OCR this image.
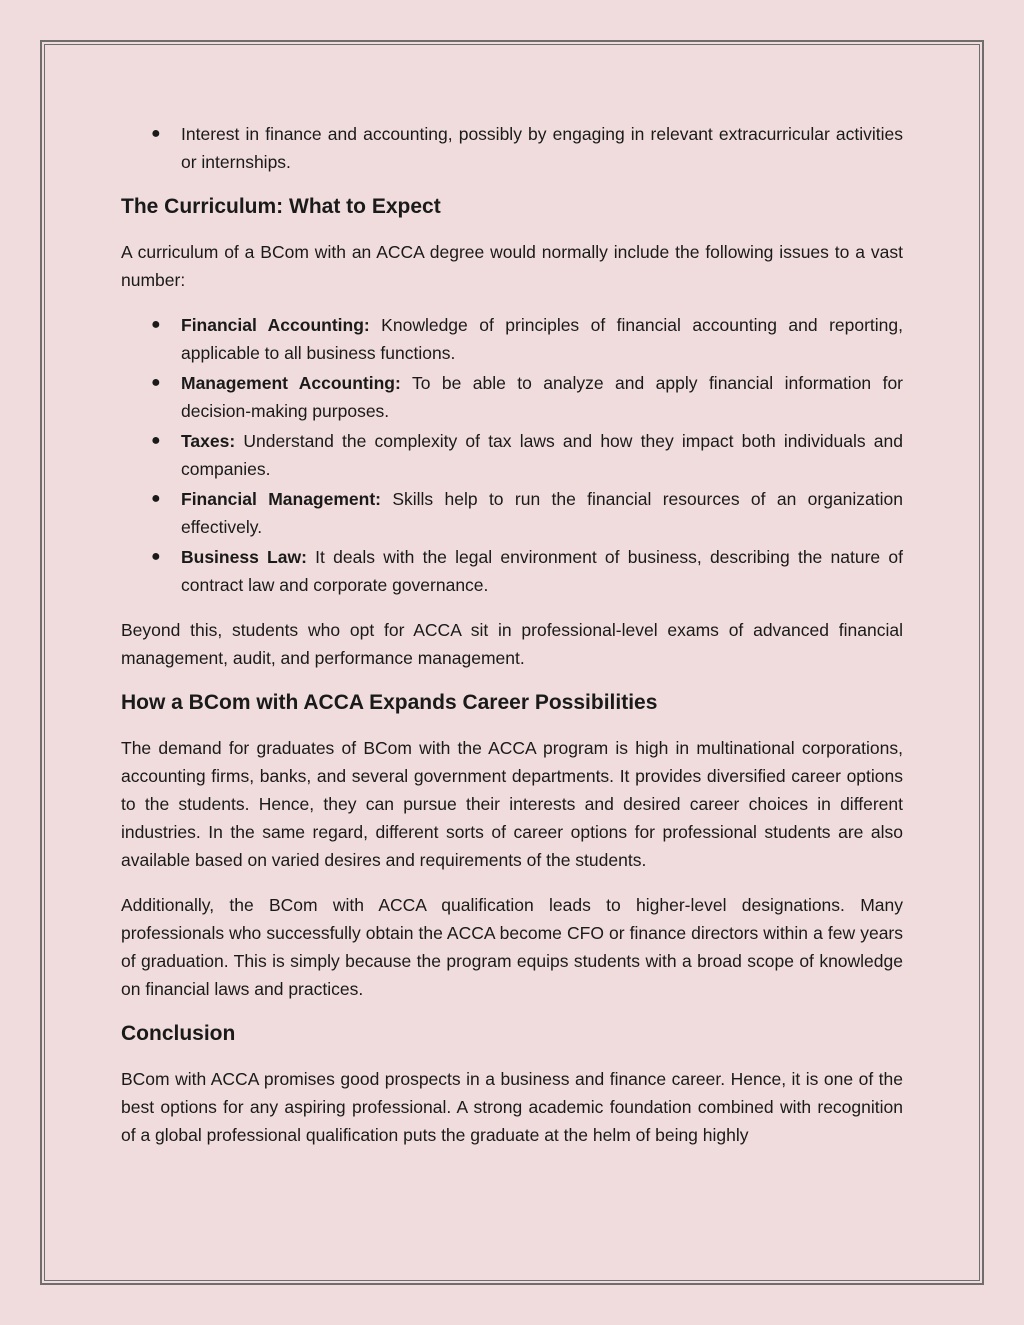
● Interest in finance and accounting, possibly by engaging in relevant extracurricular activities or internships.
The Curriculum: What to Expect

A curriculum of a BCom with an ACCA degree would normally include the following issues to a vast number:

● Financial Accounting: Knowledge of principles of financial accounting and reporting, applicable to all business functions.
● Management Accounting: To be able to analyze and apply financial information for decision-making purposes.
● Taxes: Understand the complexity of tax laws and how they impact both individuals and companies.
● Financial Management: Skills help to run the financial resources of an organization effectively.
● Business Law: It deals with the legal environment of business, describing the nature of contract law and corporate governance.

Beyond this, students who opt for ACCA sit in professional-level exams of advanced financial management, audit, and performance management.

How a BCom with ACCA Expands Career Possibilities

The demand for graduates of BCom with the ACCA program is high in multinational corporations, accounting firms, banks, and several government departments. It provides diversified career options to the students. Hence, they can pursue their interests and desired career choices in different industries. In the same regard, different sorts of career options for professional students are also available based on varied desires and requirements of the students.

Additionally, the BCom with ACCA qualification leads to higher-level designations. Many professionals who successfully obtain the ACCA become CFO or finance directors within a few years of graduation. This is simply because the program equips students with a broad scope of knowledge on financial laws and practices.

Conclusion

BCom with ACCA promises good prospects in a business and finance career. Hence, it is one of the best options for any aspiring professional. A strong academic foundation combined with recognition of a global professional qualification puts the graduate at the helm of being highly
